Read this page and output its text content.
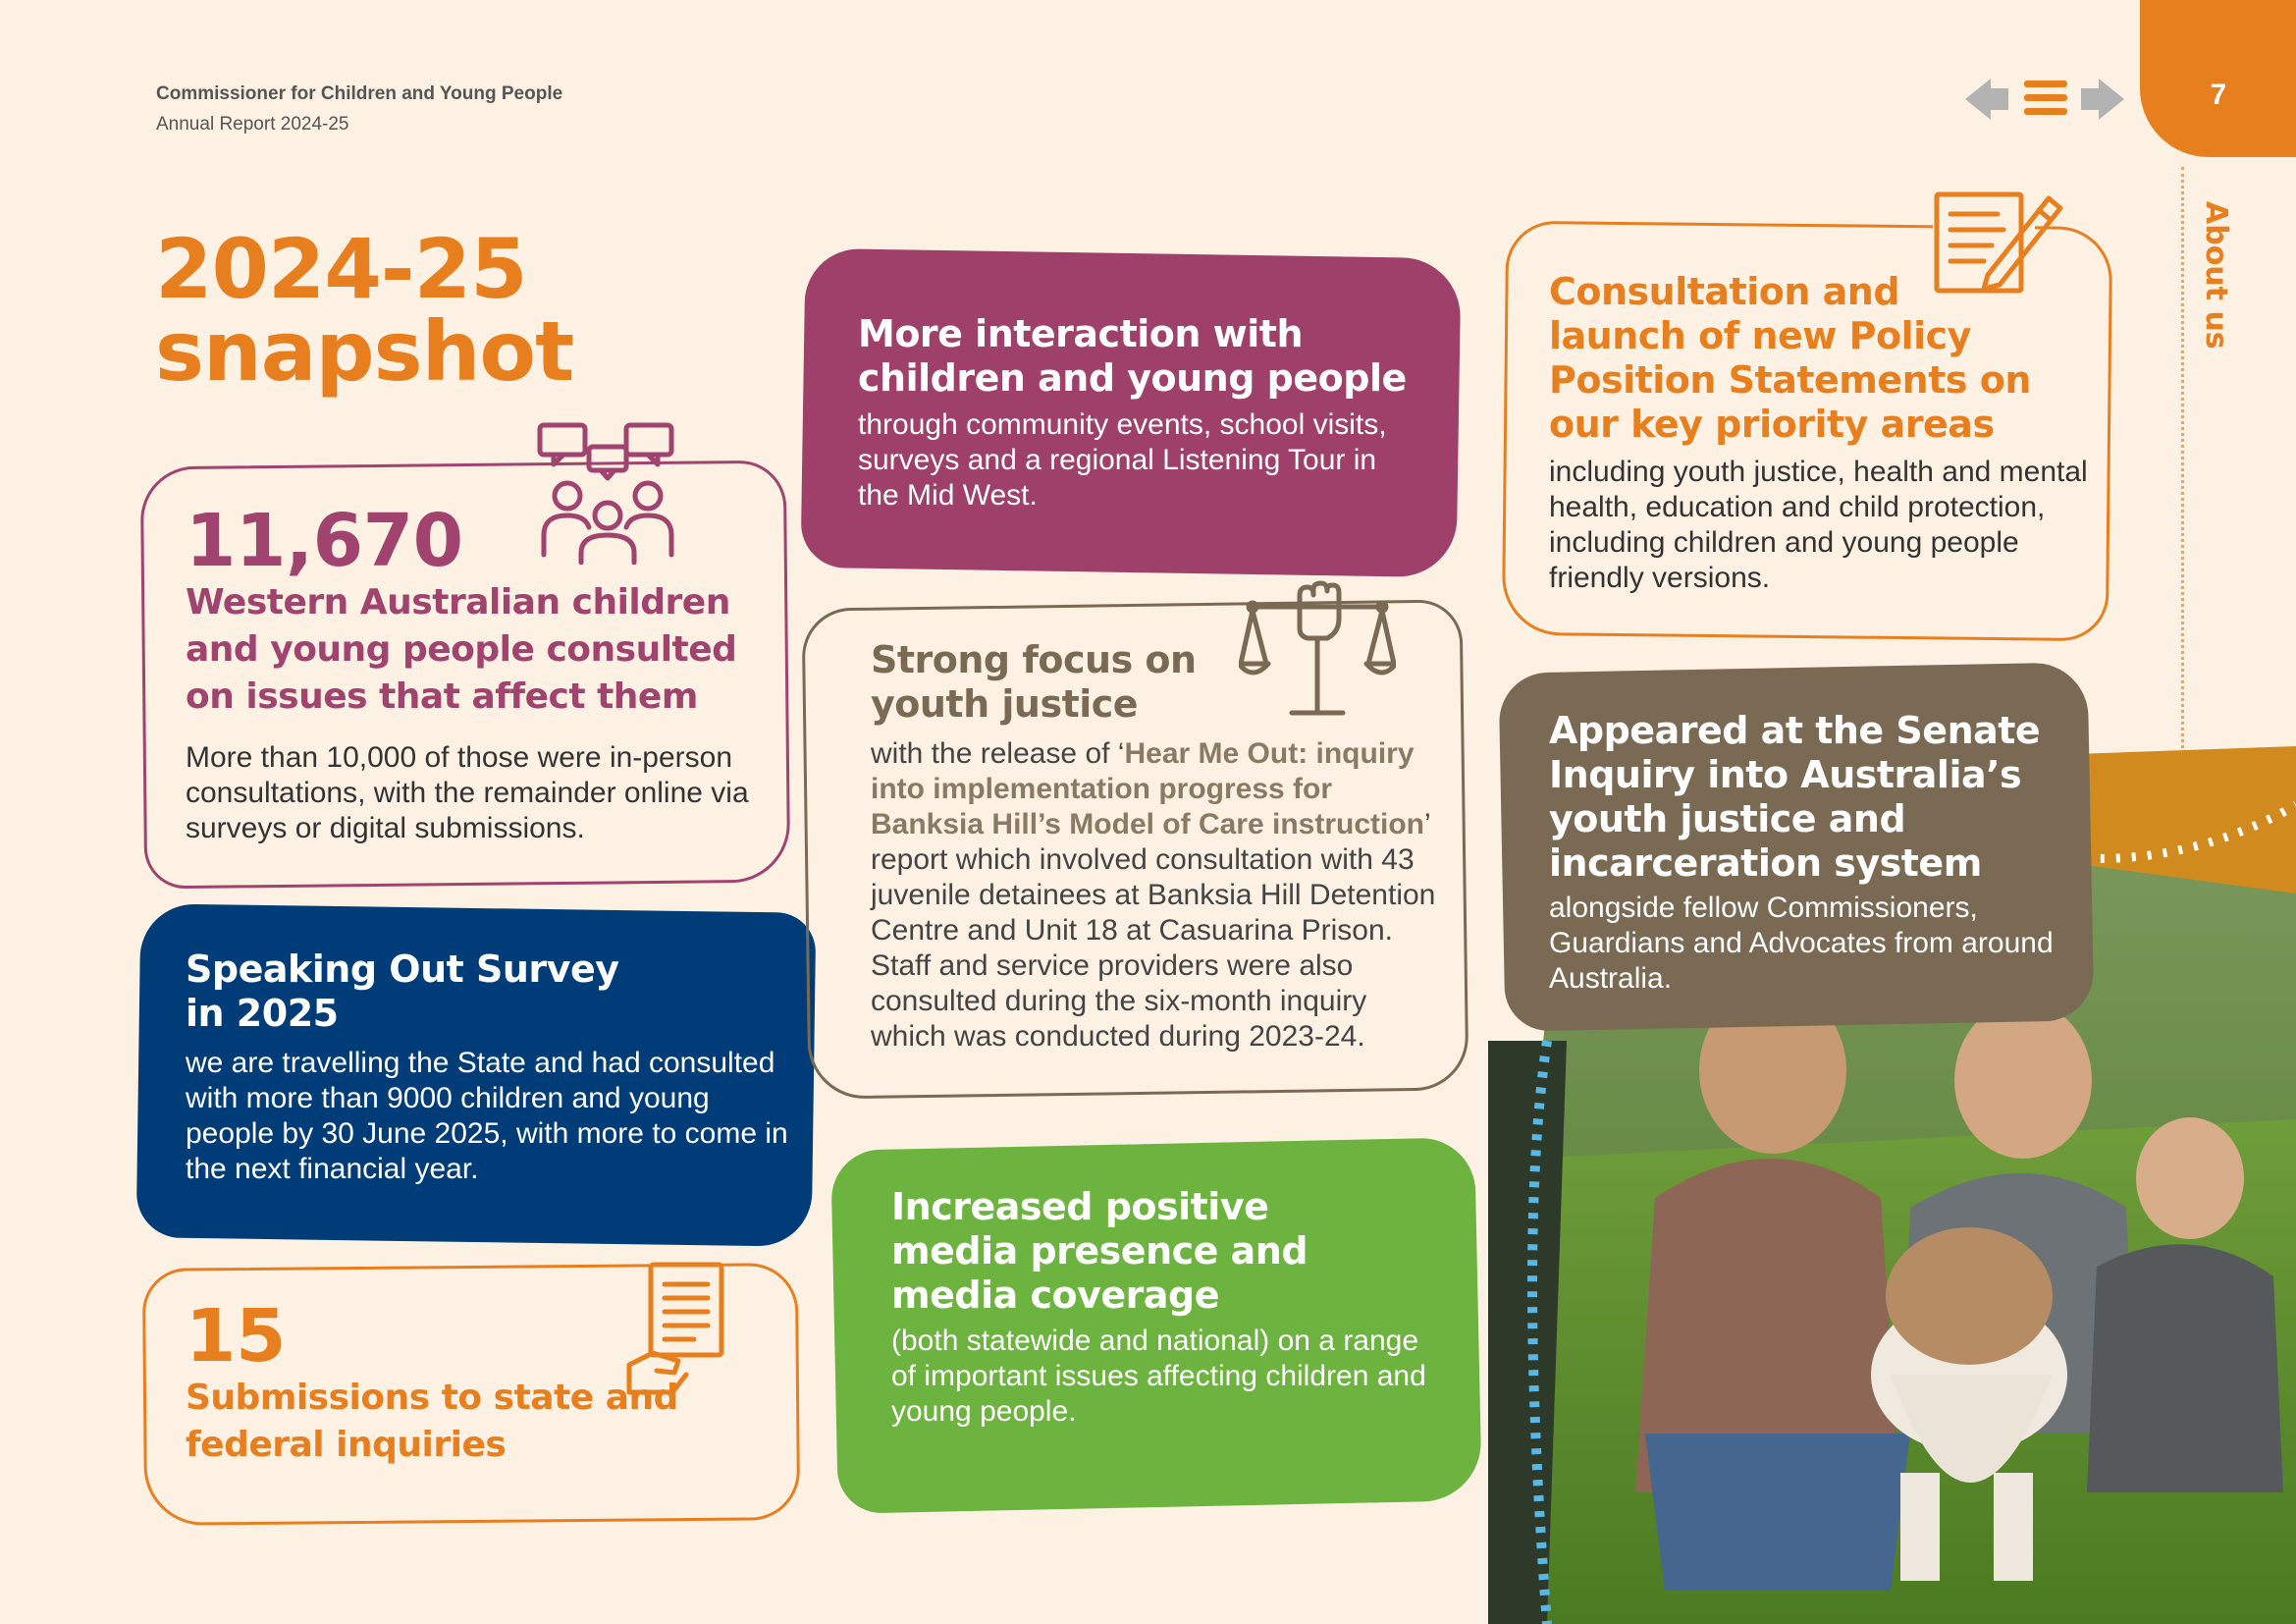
Commissioner for Children and Young People
Annual Report 2024-25
7
About us
2024-25
snapshot
11,670
Western Australian children and young people consulted on issues that affect them
More than 10,000 of those were in-person consultations, with the remainder online via surveys or digital submissions.
Speaking Out Survey
in 2025
we are travelling the State and had consulted with more than 9000 children and young people by 30 June 2025, with more to come in the next financial year.
15
Submissions to state and federal inquiries
More interaction with
children and young people
through community events, school visits, surveys and a regional Listening Tour in the Mid West.
Strong focus on
youth justice
with the release of ‘Hear Me Out: inquiry into implementation progress for Banksia Hill’s Model of Care instruction’ report which involved consultation with 43 juvenile detainees at Banksia Hill Detention Centre and Unit 18 at Casuarina Prison. Staff and service providers were also consulted during the six-month inquiry which was conducted during 2023-24.
Increased positive
media presence and
media coverage
(both statewide and national) on a range of important issues affecting children and young people.
Consultation and
launch of new Policy
Position Statements on
our key priority areas
including youth justice, health and mental health, education and child protection, including children and young people friendly versions.
Appeared at the Senate
Inquiry into Australia’s
youth justice and
incarceration system
alongside fellow Commissioners, Guardians and Advocates from around Australia.
